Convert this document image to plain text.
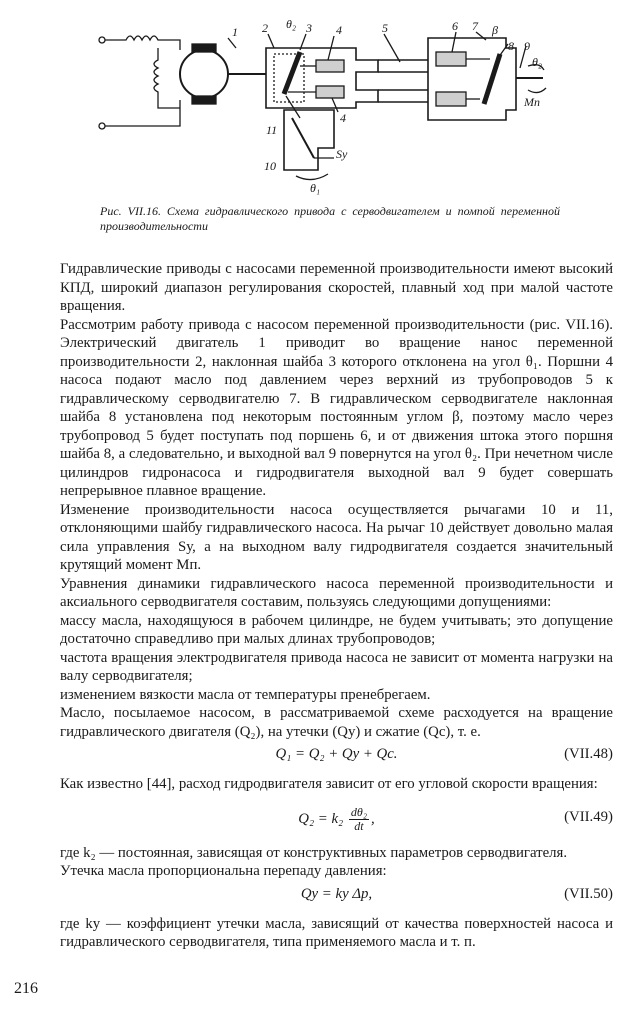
1 2	3 4
4
5	6 7
8 9
10
11
θ₂	β
θ₂
Mп
Sу
θ₁
Рис. VII.16. Схема гидравлического привода с серводвигателем и помпой переменной производительности

Гидравлические приводы с насосами переменной производительности имеют высокий КПД, широкий диапазон регулирования скоростей, плавный ход при малой частоте вращения.

Рассмотрим работу привода с насосом переменной производительности (рис. VII.16). Электрический двигатель 1 приводит во вращение нанос переменной производительности 2, наклонная шайба 3 которого отклонена на угол θ₁. Поршни 4 насоса подают масло под давлением через верхний из трубопроводов 5 к гидравлическому серводвигателю 7. В гидравлическом серводвигателе наклонная шайба 8 установлена под некоторым постоянным углом β, поэтому масло через трубопровод 5 будет поступать под поршень 6, и от движения штока этого поршня шайба 8, а следовательно, и выходной вал 9 повернутся на угол θ₂. При нечетном числе цилиндров гидронасоса и гидродвигателя выходной вал 9 будет совершать непрерывное плавное вращение.

Изменение производительности насоса осуществляется рычагами 10 и 11, отклоняющими шайбу гидравлического насоса. На рычаг 10 действует довольно малая сила управления Sу, а на выходном валу гидродвигателя создается значительный крутящий момент Mп.

Уравнения динамики гидравлического насоса переменной производительности и аксиального серводвигателя составим, пользуясь следующими допущениями:

массу масла, находящуюся в рабочем цилиндре, не будем учитывать; это допущение достаточно справедливо при малых длинах трубопроводов;

частота вращения электродвигателя привода насоса не зависит от момента нагрузки на валу серводвигателя;

изменением вязкости масла от температуры пренебрегаем.

Масло, посылаемое насосом, в рассматриваемой схеме расходуется на вращение гидравлического двигателя (Q₂), на утечки (Qу) и сжатие (Qс), т. е.

Q₁ = Q₂ + Qу + Qс.	(VII.48)

Как известно [44], расход гидродвигателя зависит от его угловой скорости вращения:

$Q_2 = k_2 \frac{\text{dθ₂}}{dt}$ ,	(VII.49)

где k₂ — постоянная, зависящая от конструктивных параметров серводвигателя.

Утечка масла пропорциональна перепаду давления:

Qу = kу Δp,	(VII.50)

где kу — коэффициент утечки масла, зависящий от качества поверхностей насоса и гидравлического серводвигателя, типа применяемого масла и т. п.

216
